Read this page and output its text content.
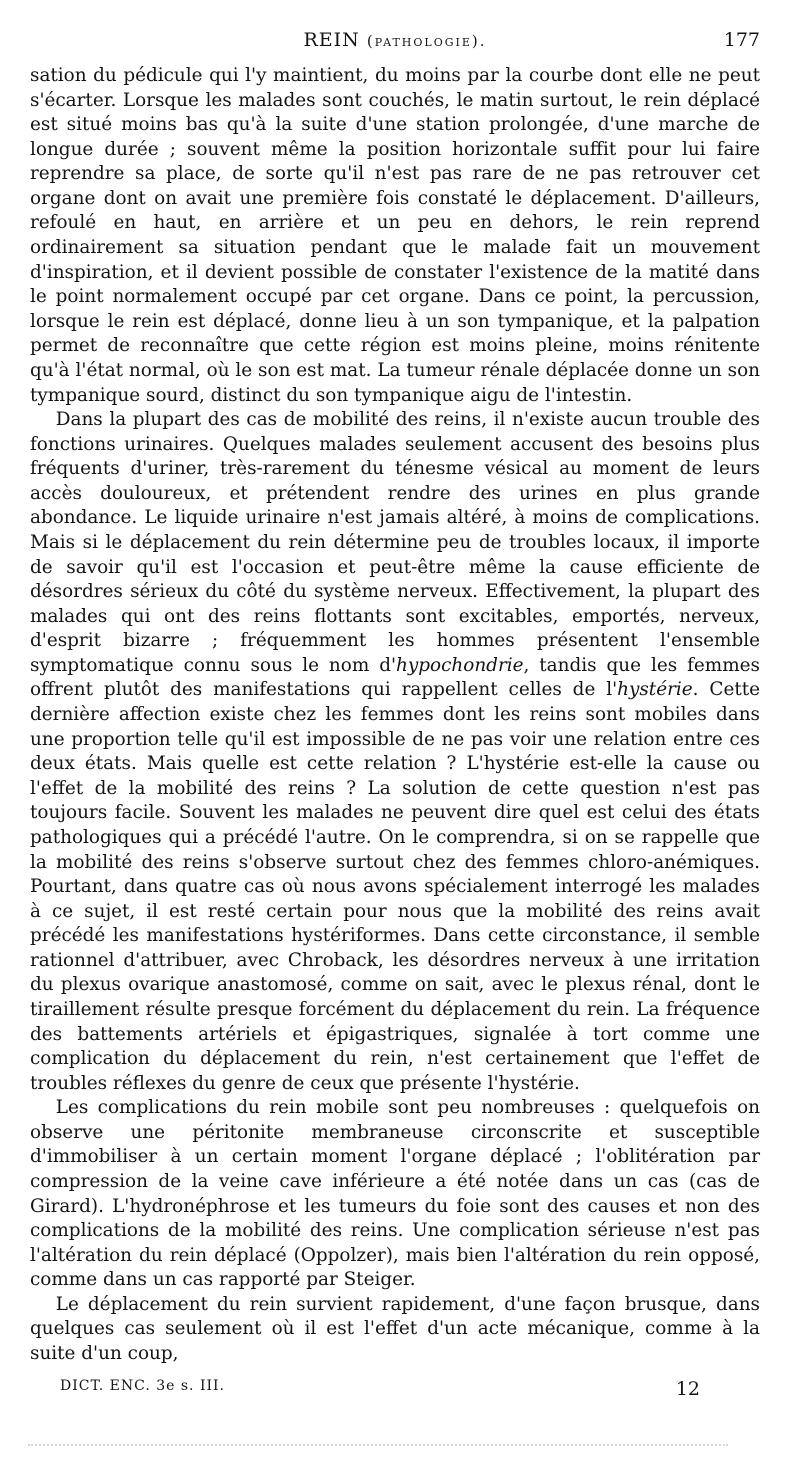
REIN (pathologie).	177

sation du pédicule qui l'y maintient, du moins par la courbe dont elle ne peut s'écarter. Lorsque les malades sont couchés, le matin surtout, le rein déplacé est situé moins bas qu'à la suite d'une station prolongée, d'une marche de longue durée ; souvent même la position horizontale suffit pour lui faire reprendre sa place, de sorte qu'il n'est pas rare de ne pas retrouver cet organe dont on avait une première fois constaté le déplacement. D'ailleurs, refoulé en haut, en arrière et un peu en dehors, le rein reprend ordinairement sa situation pendant que le malade fait un mouvement d'inspiration, et il devient possible de constater l'existence de la matité dans le point normalement occupé par cet organe. Dans ce point, la percussion, lorsque le rein est déplacé, donne lieu à un son tympanique, et la palpation permet de reconnaître que cette région est moins pleine, moins rénitente qu'à l'état normal, où le son est mat. La tumeur rénale déplacée donne un son tympanique sourd, distinct du son tympanique aigu de l'intestin.

Dans la plupart des cas de mobilité des reins, il n'existe aucun trouble des fonctions urinaires. Quelques malades seulement accusent des besoins plus fréquents d'uriner, très-rarement du ténesme vésical au moment de leurs accès douloureux, et prétendent rendre des urines en plus grande abondance. Le liquide urinaire n'est jamais altéré, à moins de complications. Mais si le déplacement du rein détermine peu de troubles locaux, il importe de savoir qu'il est l'occasion et peut-être même la cause efficiente de désordres sérieux du côté du système nerveux. Effectivement, la plupart des malades qui ont des reins flottants sont excitables, emportés, nerveux, d'esprit bizarre ; fréquemment les hommes présentent l'ensemble symptomatique connu sous le nom d'hypochondrie, tandis que les femmes offrent plutôt des manifestations qui rappellent celles de l'hystérie. Cette dernière affection existe chez les femmes dont les reins sont mobiles dans une proportion telle qu'il est impossible de ne pas voir une relation entre ces deux états. Mais quelle est cette relation ? L'hystérie est-elle la cause ou l'effet de la mobilité des reins ? La solution de cette question n'est pas toujours facile. Souvent les malades ne peuvent dire quel est celui des états pathologiques qui a précédé l'autre. On le comprendra, si on se rappelle que la mobilité des reins s'observe surtout chez des femmes chloro-anémiques. Pourtant, dans quatre cas où nous avons spécialement interrogé les malades à ce sujet, il est resté certain pour nous que la mobilité des reins avait précédé les manifestations hystériformes. Dans cette circonstance, il semble rationnel d'attribuer, avec Chroback, les désordres nerveux à une irritation du plexus ovarique anastomosé, comme on sait, avec le plexus rénal, dont le tiraillement résulte presque forcément du déplacement du rein. La fréquence des battements artériels et épigastriques, signalée à tort comme une complication du déplacement du rein, n'est certainement que l'effet de troubles réflexes du genre de ceux que présente l'hystérie.

Les complications du rein mobile sont peu nombreuses : quelquefois on observe une péritonite membraneuse circonscrite et susceptible d'immobiliser à un certain moment l'organe déplacé ; l'oblitération par compression de la veine cave inférieure a été notée dans un cas (cas de Girard). L'hydronéphrose et les tumeurs du foie sont des causes et non des complications de la mobilité des reins. Une complication sérieuse n'est pas l'altération du rein déplacé (Oppolzer), mais bien l'altération du rein opposé, comme dans un cas rapporté par Steiger.

Le déplacement du rein survient rapidement, d'une façon brusque, dans quelques cas seulement où il est l'effet d'un acte mécanique, comme à la suite d'un coup,

DICT. ENC. 3e s. III.	12
